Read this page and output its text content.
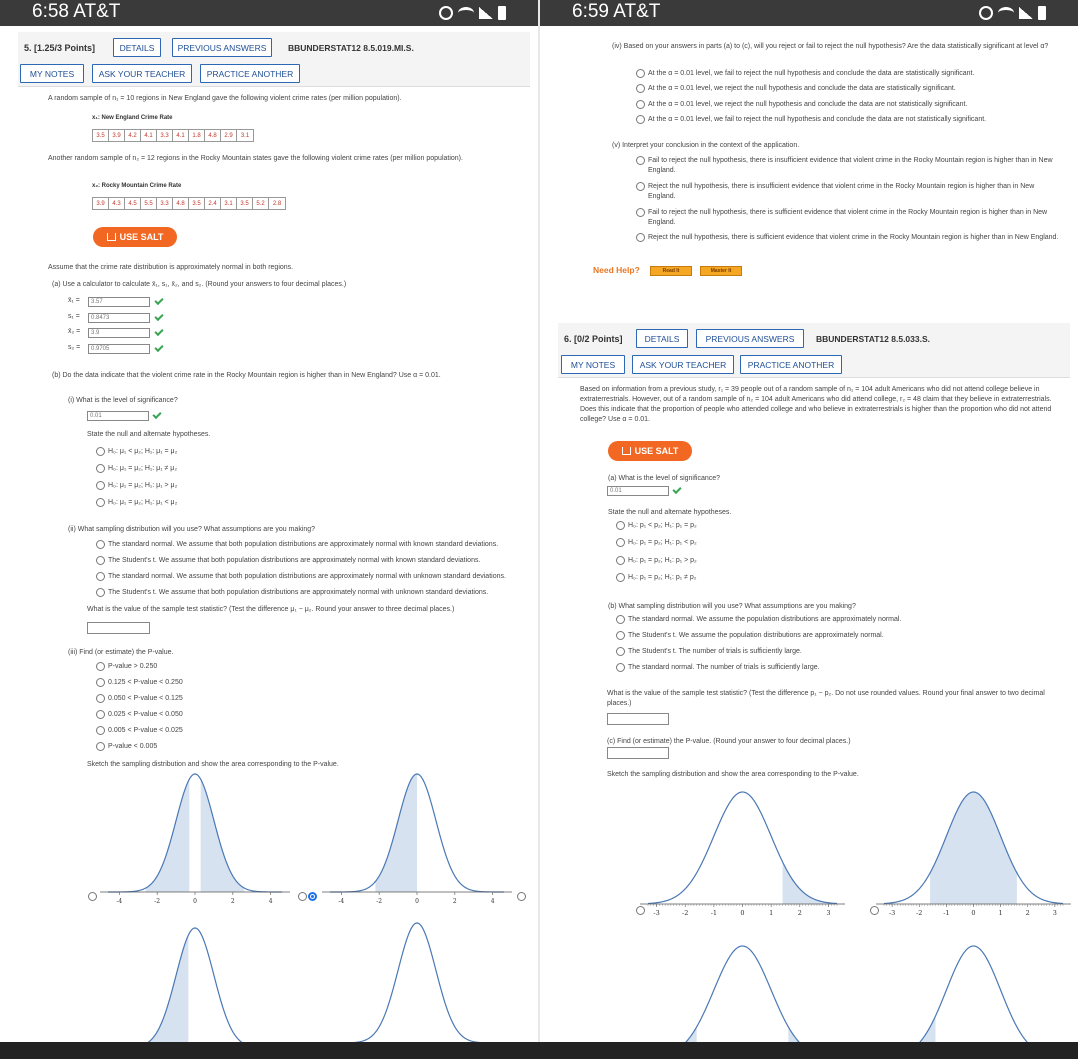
6:58 AT&T
5. [1.25/3 Points]	DETAILS	PREVIOUS ANSWERS	BBUNDERSTAT12 8.5.019.MI.S.
MY NOTES	ASK YOUR TEACHER	PRACTICE ANOTHER
A random sample of n₁ = 10 regions in New England gave the following violent crime rates (per million population).
x₁: New England Crime Rate
3.5	3.9	4.2	4.1	3.3	4.1	1.8	4.8	2.9	3.1
Another random sample of n₂ = 12 regions in the Rocky Mountain states gave the following violent crime rates (per million population).
x₂: Rocky Mountain Crime Rate
3.9	4.3	4.5	5.5	3.3	4.8	3.5	2.4	3.1	3.5	5.2	2.8
USE SALT
Assume that the crime rate distribution is approximately normal in both regions.
(a) Use a calculator to calculate x̄₁, s₁, x̄₂, and s₂. (Round your answers to four decimal places.)
x̄₁ =	3.57
s₁ =	0.8473
x̄₂ =	3.9
s₂ =	0.9705
(b) Do the data indicate that the violent crime rate in the Rocky Mountain region is higher than in New England? Use α = 0.01.
(i) What is the level of significance?
0.01
State the null and alternate hypotheses.
H₀: μ₁ < μ₂; H₁: μ₁ = μ₂
H₀: μ₁ = μ₂; H₁: μ₁ ≠ μ₂
H₀: μ₁ = μ₂; H₁: μ₁ > μ₂
H₀: μ₁ = μ₂; H₁: μ₁ < μ₂
(ii) What sampling distribution will you use? What assumptions are you making?
The standard normal. We assume that both population distributions are approximately normal with known standard deviations.
The Student's t. We assume that both population distributions are approximately normal with known standard deviations.
The standard normal. We assume that both population distributions are approximately normal with unknown standard deviations.
The Student's t. We assume that both population distributions are approximately normal with unknown standard deviations.
What is the value of the sample test statistic? (Test the difference μ₁ − μ₂. Round your answer to three decimal places.)
(iii) Find (or estimate) the P-value.
P-value > 0.250
0.125 < P-value < 0.250
0.050 < P-value < 0.125
0.025 < P-value < 0.050
0.005 < P-value < 0.025
P-value < 0.005
Sketch the sampling distribution and show the area corresponding to the P-value.
-4	-2	0	2	4	-4	-2	0	2	4
6:59 AT&T
(iv) Based on your answers in parts (a) to (c), will you reject or fail to reject the null hypothesis? Are the data statistically significant at level α?
At the α = 0.01 level, we fail to reject the null hypothesis and conclude the data are statistically significant.
At the α = 0.01 level, we reject the null hypothesis and conclude the data are statistically significant.
At the α = 0.01 level, we reject the null hypothesis and conclude the data are not statistically significant.
At the α = 0.01 level, we fail to reject the null hypothesis and conclude the data are not statistically significant.
(v) Interpret your conclusion in the context of the application.
Fail to reject the null hypothesis, there is insufficient evidence that violent crime in the Rocky Mountain region is higher than in New England.
Reject the null hypothesis, there is insufficient evidence that violent crime in the Rocky Mountain region is higher than in New England.
Fail to reject the null hypothesis, there is sufficient evidence that violent crime in the Rocky Mountain region is higher than in New England.
Reject the null hypothesis, there is sufficient evidence that violent crime in the Rocky Mountain region is higher than in New England.
Need Help?	Read It	Master It
6. [0/2 Points]	DETAILS	PREVIOUS ANSWERS	BBUNDERSTAT12 8.5.033.S.
MY NOTES	ASK YOUR TEACHER	PRACTICE ANOTHER
Based on information from a previous study, r₁ = 39 people out of a random sample of n₁ = 104 adult Americans who did not attend college believe in extraterrestrials. However, out of a random sample of n₂ = 104 adult Americans who did attend college, r₂ = 48 claim that they believe in extraterrestrials. Does this indicate that the proportion of people who attended college and who believe in extraterrestrials is higher than the proportion who did not attend college? Use α = 0.01.
USE SALT
(a) What is the level of significance?
0.01
State the null and alternate hypotheses.
H₀: p₁ < p₂; H₁: p₁ = p₂
H₀: p₁ = p₂; H₁: p₁ < p₂
H₀: p₁ = p₂; H₁: p₁ > p₂
H₀: p₁ = p₂; H₁: p₁ ≠ p₂
(b) What sampling distribution will you use? What assumptions are you making?
The standard normal. We assume the population distributions are approximately normal.
The Student's t. We assume the population distributions are approximately normal.
The Student's t. The number of trials is sufficiently large.
The standard normal. The number of trials is sufficiently large.
What is the value of the sample test statistic? (Test the difference p₁ − p₂. Do not use rounded values. Round your final answer to two decimal places.)
(c) Find (or estimate) the P-value. (Round your answer to four decimal places.)
Sketch the sampling distribution and show the area corresponding to the P-value.
-3	-2	-1	0	1	2	3	-3	-2	-1	0	1	2	3
